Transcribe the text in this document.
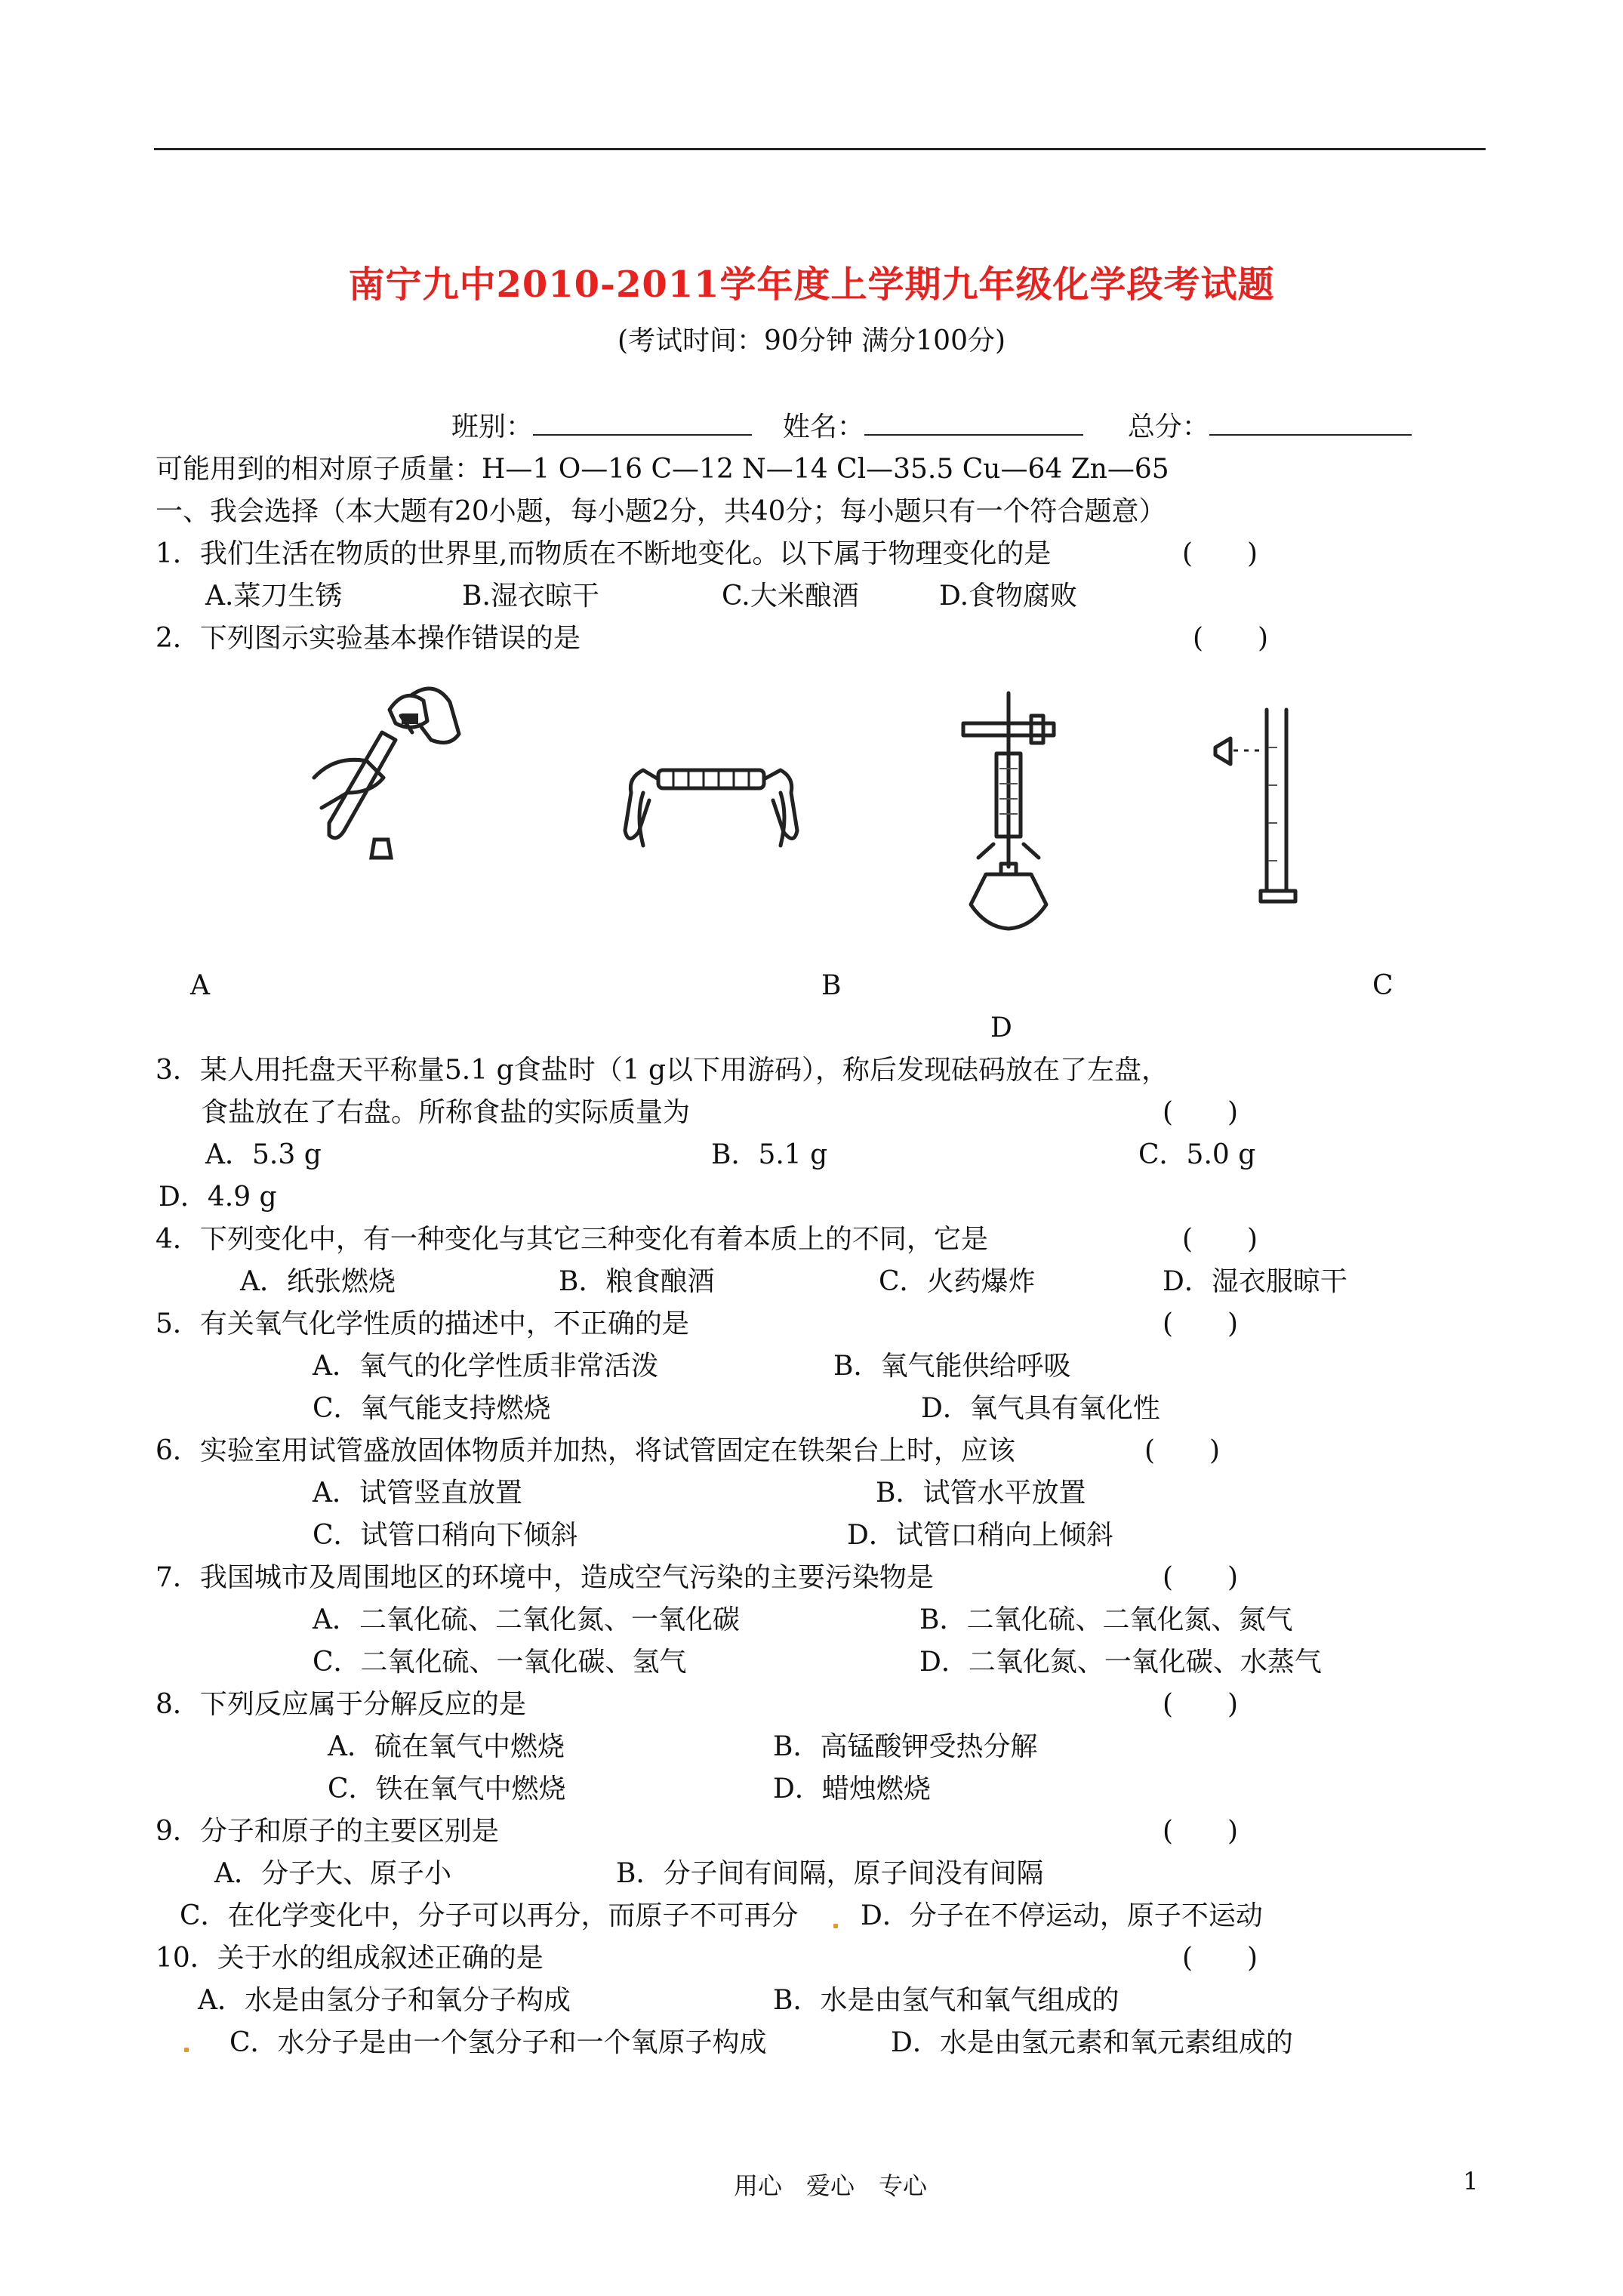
南宁九中2010-2011学年度上学期九年级化学段考试题
(考试时间：90分钟 满分100分)
班别：	姓名：	总分：
可能用到的相对原子质量：H—1 O—16 C—12 N—14 Cl—35.5 Cu—64 Zn—65
一、我会选择（本大题有20小题，每小题2分，共40分；每小题只有一个符合题意）
1．我们生活在物质的世界里,而物质在不断地变化。以下属于物理变化的是	(　　)
A.菜刀生锈	B.湿衣晾干	C.大米酿酒	D.食物腐败
2．下列图示实验基本操作错误的是	(　　)
A	B	C
D
3．某人用托盘天平称量5.1 g食盐时（1 g以下用游码），称后发现砝码放在了左盘，
食盐放在了右盘。所称食盐的实际质量为	(　　)
A．5.3 g	B．5.1 g	C．5.0 g
D．4.9 g
4．下列变化中，有一种变化与其它三种变化有着本质上的不同，它是	(　　)
A．纸张燃烧	B．粮食酿酒	C．火药爆炸	D．湿衣服晾干
5．有关氧气化学性质的描述中，不正确的是	(　　)
A．氧气的化学性质非常活泼	B．氧气能供给呼吸
C．氧气能支持燃烧	D．氧气具有氧化性
6．实验室用试管盛放固体物质并加热，将试管固定在铁架台上时，应该	(　　)
A．试管竖直放置	B．试管水平放置
C．试管口稍向下倾斜	D．试管口稍向上倾斜
7．我国城市及周围地区的环境中，造成空气污染的主要污染物是	(　　)
A．二氧化硫、二氧化氮、一氧化碳	B．二氧化硫、二氧化氮、氮气
C．二氧化硫、一氧化碳、氢气	D．二氧化氮、一氧化碳、水蒸气
8．下列反应属于分解反应的是	(　　)
A．硫在氧气中燃烧	B．高锰酸钾受热分解
C．铁在氧气中燃烧	D．蜡烛燃烧
9．分子和原子的主要区别是	(　　)
A．分子大、原子小	B．分子间有间隔，原子间没有间隔
C．在化学变化中，分子可以再分，而原子不可再分 D．分子在不停运动，原子不运动
10．关于水的组成叙述正确的是	(　　)
A．水是由氢分子和氧分子构成	B．水是由氢气和氧气组成的
C．水分子是由一个氢分子和一个氧原子构成	D．水是由氢元素和氧元素组成的
用心　爱心　专心	1
